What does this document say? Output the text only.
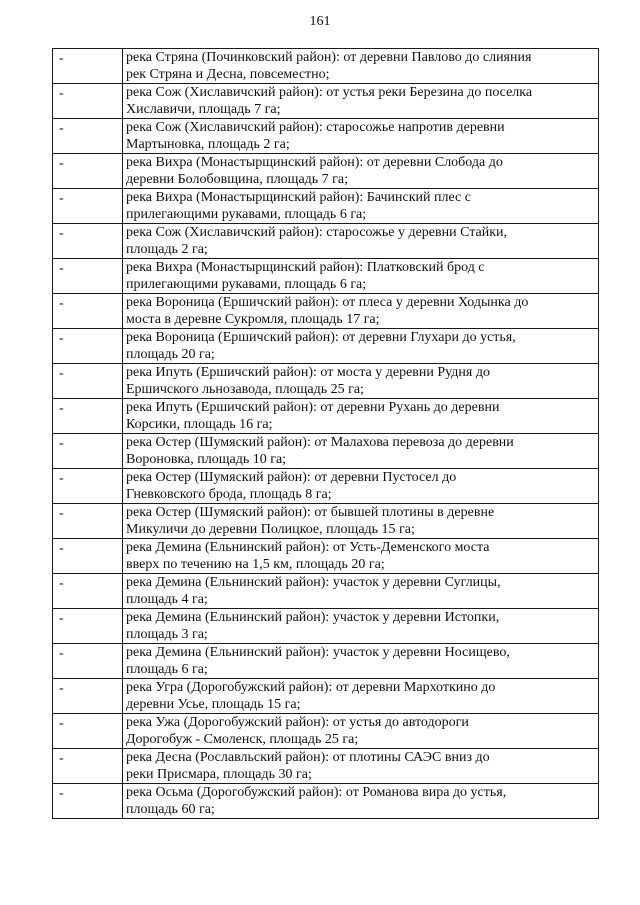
161
-	река Стряна (Починковский район): от деревни Павлово до слияния
рек Стряна и Десна, повсеместно;

-	река Сож (Хиславичский район): от устья реки Березина до поселка
Хиславичи, площадь 7 га;

-	река Сож (Хиславичский район): старосожье напротив деревни
Мартыновка, площадь 2 га;

-	река Вихра (Монастырщинский район): от деревни Слобода до
деревни Болобовщина, площадь 7 га;

-	река Вихра (Монастырщинский район): Бачинский плес с
прилегающими рукавами, площадь 6 га;

-	река Сож (Хиславичский район): старосожье у деревни Стайки,
площадь 2 га;

-	река Вихра (Монастырщинский район): Платковский брод с
прилегающими рукавами, площадь 6 га;

-	река Вороница (Ершичский район): от плеса у деревни Ходынка до
моста в деревне Сукромля, площадь 17 га;

-	река Вороница (Ершичский район): от деревни Глухари до устья,
площадь 20 га;

-	река Ипуть (Ершичский район): от моста у деревни Рудня до
Ершичского льнозавода, площадь 25 га;

-	река Ипуть (Ершичский район): от деревни Рухань до деревни
Корсики, площадь 16 га;

-	река Остер (Шумяский район): от Малахова перевоза до деревни
Вороновка, площадь 10 га;

-	река Остер (Шумяский район): от деревни Пустосел до
Гневковского брода, площадь 8 га;

-	река Остер (Шумяский район): от бывшей плотины в деревне
Микуличи до деревни Полицкое, площадь 15 га;

-	река Демина (Ельнинский район): от Усть-Деменского моста
вверх по течению на 1,5 км, площадь 20 га;

-	река Демина (Ельнинский район): участок у деревни Суглицы,
площадь 4 га;

-	река Демина (Ельнинский район): участок у деревни Истопки,
площадь 3 га;

-	река Демина (Ельнинский район): участок у деревни Носищево,
площадь 6 га;

-	река Угра (Дорогобужский район): от деревни Мархоткино до
деревни Усье, площадь 15 га;

-	река Ужа (Дорогобужский район): от устья до автодороги
Дорогобуж - Смоленск, площадь 25 га;

-	река Десна (Рославльский район): от плотины САЭС вниз до
реки Присмара, площадь 30 га;

-	река Осьма (Дорогобужский район): от Романова вира до устья,
площадь 60 га;
